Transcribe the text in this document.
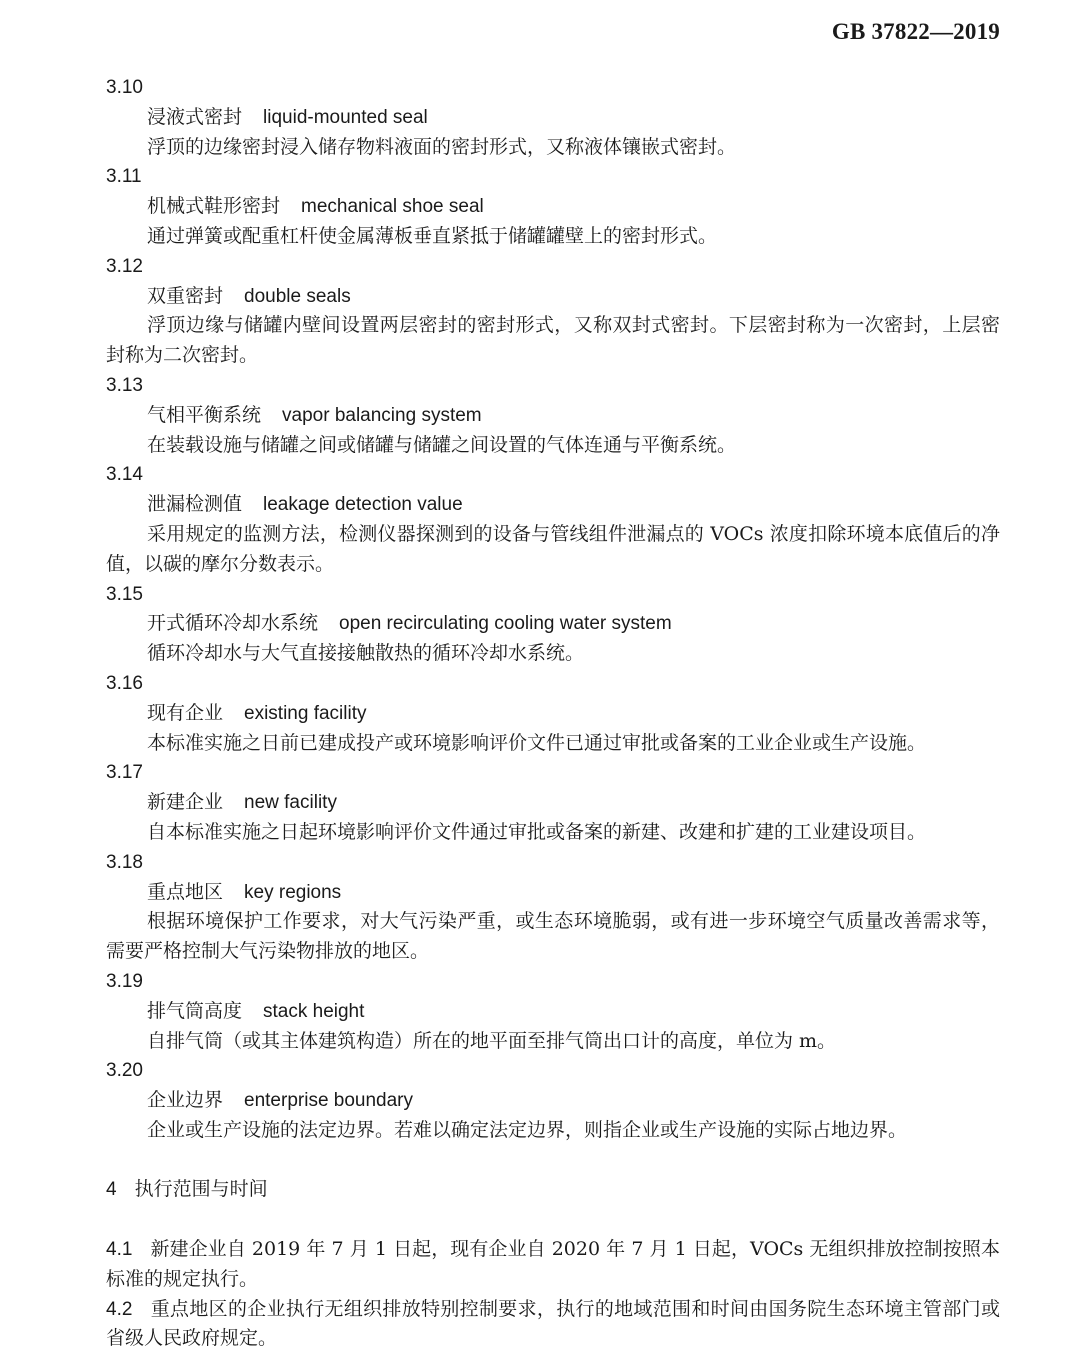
GB 37822—2019
3.10
浸液式密封 liquid-mounted seal
浮顶的边缘密封浸入储存物料液面的密封形式，又称液体镶嵌式密封。
3.11
机械式鞋形密封 mechanical shoe seal
通过弹簧或配重杠杆使金属薄板垂直紧抵于储罐罐壁上的密封形式。
3.12
双重密封 double seals
浮顶边缘与储罐内壁间设置两层密封的密封形式，又称双封式密封。下层密封称为一次密封，上层密封称为二次密封。
3.13
气相平衡系统 vapor balancing system
在装载设施与储罐之间或储罐与储罐之间设置的气体连通与平衡系统。
3.14
泄漏检测值 leakage detection value
采用规定的监测方法，检测仪器探测到的设备与管线组件泄漏点的 VOCs 浓度扣除环境本底值后的净值，以碳的摩尔分数表示。
3.15
开式循环冷却水系统 open recirculating cooling water system
循环冷却水与大气直接接触散热的循环冷却水系统。
3.16
现有企业 existing facility
本标准实施之日前已建成投产或环境影响评价文件已通过审批或备案的工业企业或生产设施。
3.17
新建企业 new facility
自本标准实施之日起环境影响评价文件通过审批或备案的新建、改建和扩建的工业建设项目。
3.18
重点地区 key regions
根据环境保护工作要求，对大气污染严重，或生态环境脆弱，或有进一步环境空气质量改善需求等，需要严格控制大气污染物排放的地区。
3.19
排气筒高度 stack height
自排气筒（或其主体建筑构造）所在的地平面至排气筒出口计的高度，单位为 m。
3.20
企业边界 enterprise boundary
企业或生产设施的法定边界。若难以确定法定边界，则指企业或生产设施的实际占地边界。
4 执行范围与时间
4.1 新建企业自 2019 年 7 月 1 日起，现有企业自 2020 年 7 月 1 日起，VOCs 无组织排放控制按照本标准的规定执行。
4.2 重点地区的企业执行无组织排放特别控制要求，执行的地域范围和时间由国务院生态环境主管部门或省级人民政府规定。
